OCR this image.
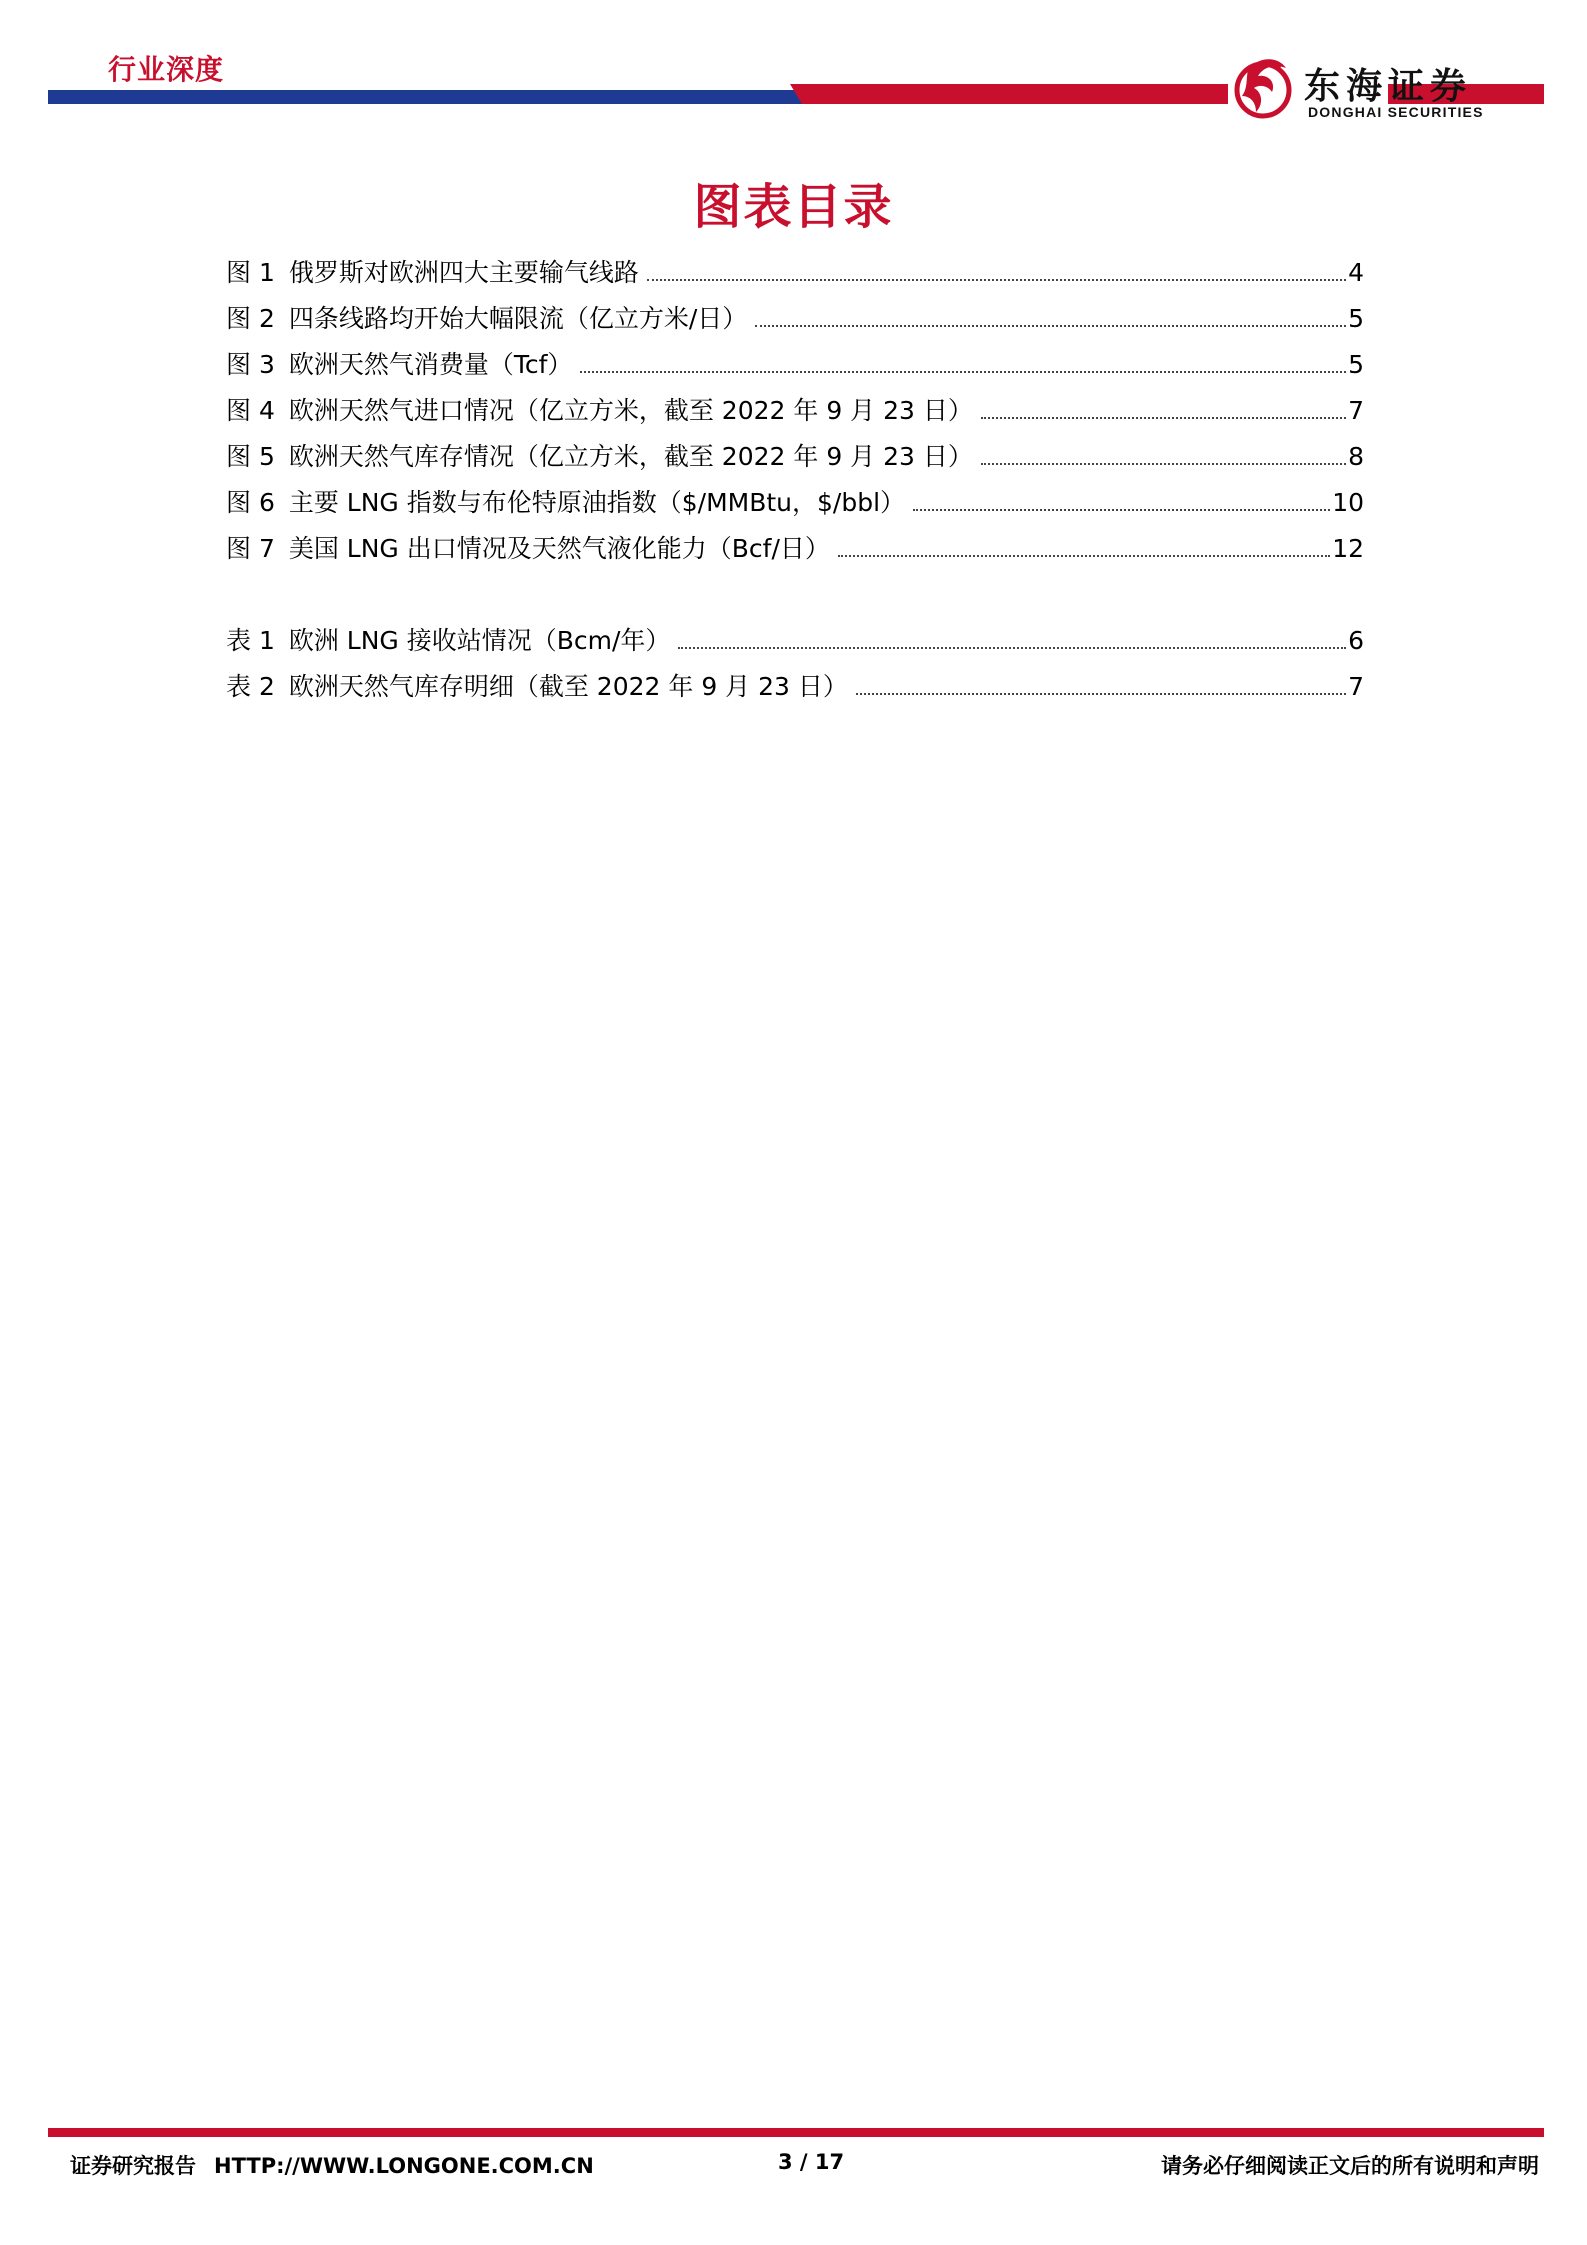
行业深度	东海证券
DONGHAI SECURITIES
图表目录
图 1 俄罗斯对欧洲四大主要输气线路	4
图 2 四条线路均开始大幅限流（亿立方米/日）	5
图 3 欧洲天然气消费量（Tcf）	5
图 4 欧洲天然气进口情况（亿立方米，截至 2022 年 9 月 23 日）	7
图 5 欧洲天然气库存情况（亿立方米，截至 2022 年 9 月 23 日）	8
图 6 主要 LNG 指数与布伦特原油指数（$/MMBtu，$/bbl）	10
图 7 美国 LNG 出口情况及天然气液化能力（Bcf/日）	12
表 1 欧洲 LNG 接收站情况（Bcm/年）	6
表 2 欧洲天然气库存明细（截至 2022 年 9 月 23 日）	7
证券研究报告 HTTP://WWW.LONGONE.COM.CN	3 / 17	请务必仔细阅读正文后的所有说明和声明
